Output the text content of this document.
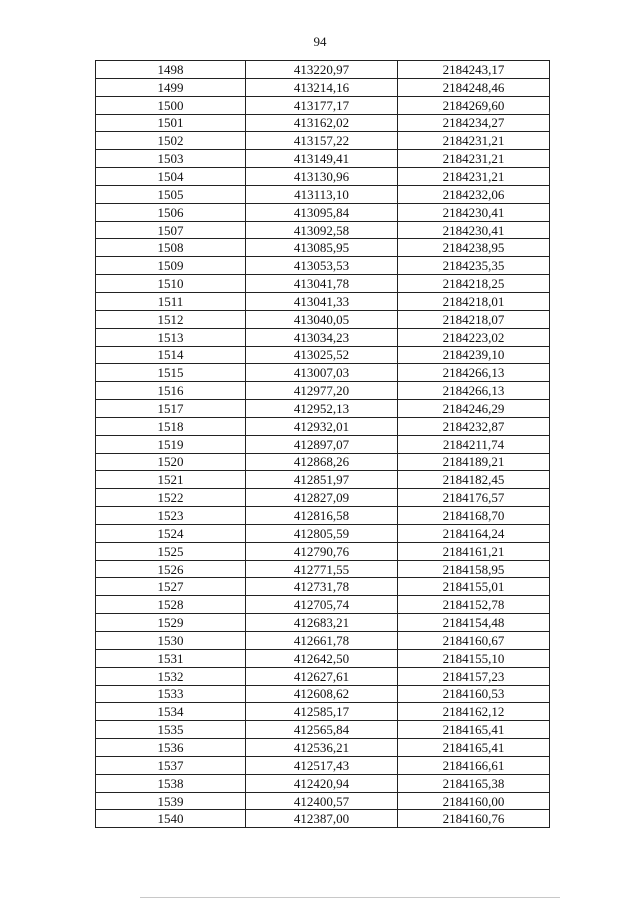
94
1498	413220,97	2184243,17
1499	413214,16	2184248,46
1500	413177,17	2184269,60
1501	413162,02	2184234,27
1502	413157,22	2184231,21
1503	413149,41	2184231,21
1504	413130,96	2184231,21
1505	413113,10	2184232,06
1506	413095,84	2184230,41
1507	413092,58	2184230,41
1508	413085,95	2184238,95
1509	413053,53	2184235,35
1510	413041,78	2184218,25
1511	413041,33	2184218,01
1512	413040,05	2184218,07
1513	413034,23	2184223,02
1514	413025,52	2184239,10
1515	413007,03	2184266,13
1516	412977,20	2184266,13
1517	412952,13	2184246,29
1518	412932,01	2184232,87
1519	412897,07	2184211,74
1520	412868,26	2184189,21
1521	412851,97	2184182,45
1522	412827,09	2184176,57
1523	412816,58	2184168,70
1524	412805,59	2184164,24
1525	412790,76	2184161,21
1526	412771,55	2184158,95
1527	412731,78	2184155,01
1528	412705,74	2184152,78
1529	412683,21	2184154,48
1530	412661,78	2184160,67
1531	412642,50	2184155,10
1532	412627,61	2184157,23
1533	412608,62	2184160,53
1534	412585,17	2184162,12
1535	412565,84	2184165,41
1536	412536,21	2184165,41
1537	412517,43	2184166,61
1538	412420,94	2184165,38
1539	412400,57	2184160,00
1540	412387,00	2184160,76
